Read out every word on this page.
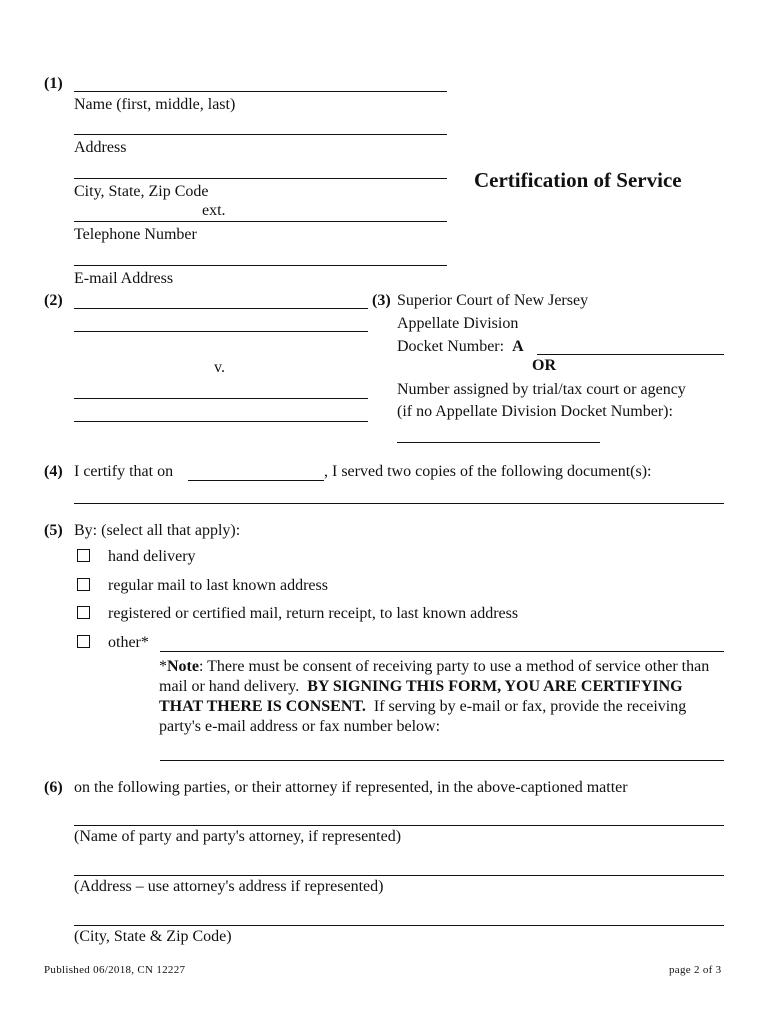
Certification of Service
(1)
Name (first, middle, last)
Address
City, State, Zip Code
ext.
Telephone Number
E-mail Address
(2)
v.
(3) Superior Court of New Jersey
Appellate Division
Docket Number: A
OR
Number assigned by trial/tax court or agency
(if no Appellate Division Docket Number):
(4) I certify that on	, I served two copies of the following document(s):
(5) By: (select all that apply):
hand delivery
regular mail to last known address
registered or certified mail, return receipt, to last known address
other*
*Note: There must be consent of receiving party to use a method of service other than mail or hand delivery. BY SIGNING THIS FORM, YOU ARE CERTIFYING THAT THERE IS CONSENT. If serving by e-mail or fax, provide the receiving party's e-mail address or fax number below:
(6) on the following parties, or their attorney if represented, in the above-captioned matter
(Name of party and party's attorney, if represented)
(Address – use attorney's address if represented)
(City, State & Zip Code)
Published 06/2018, CN 12227	page 2 of 3
